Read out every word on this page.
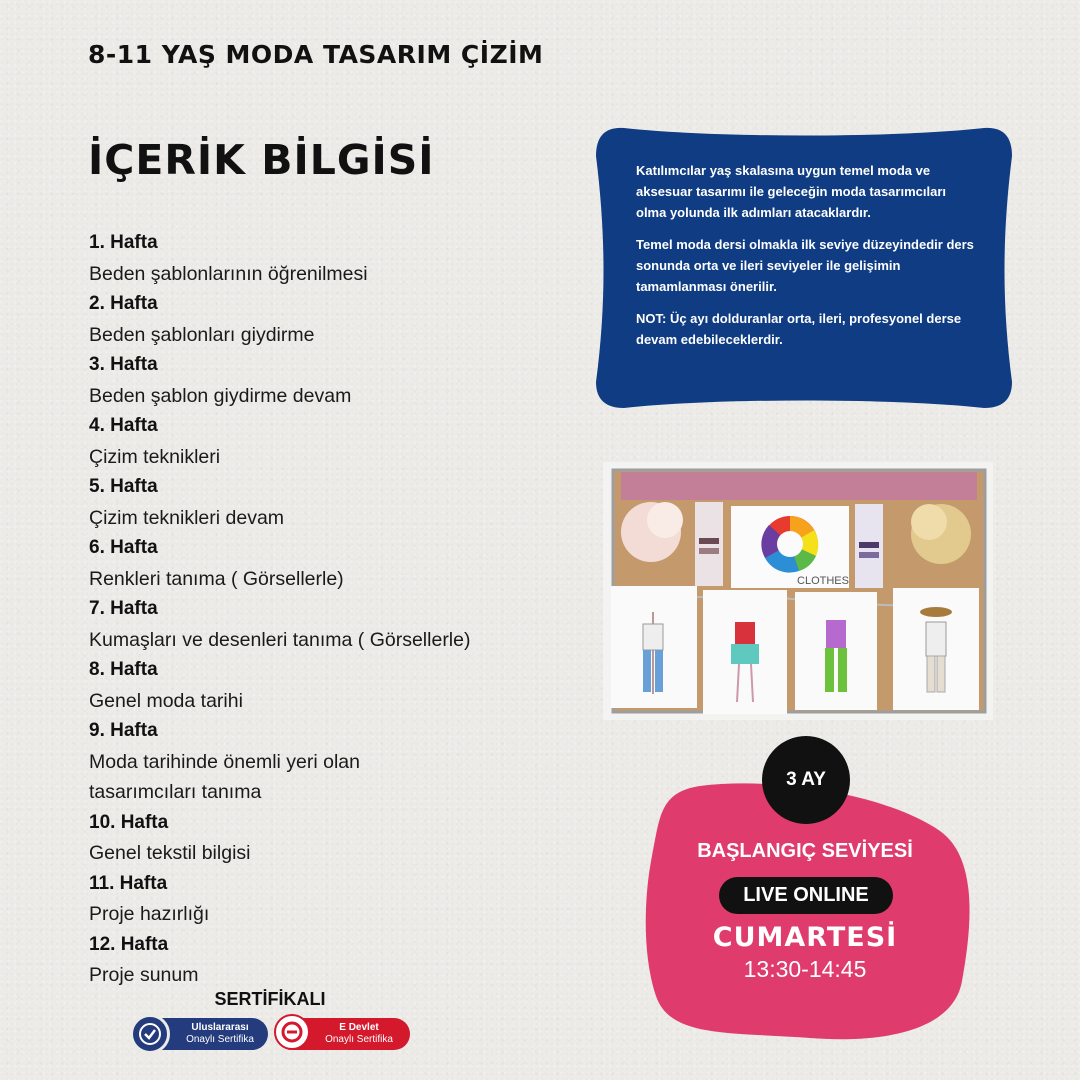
8-11 YAŞ MODA TASARIM ÇİZİM
İÇERİK BİLGİSİ
1. Hafta
Beden şablonlarının öğrenilmesi
2. Hafta
Beden şablonları giydirme
3. Hafta
Beden şablon giydirme devam
4. Hafta
Çizim teknikleri
5. Hafta
Çizim teknikleri devam
6. Hafta
Renkleri tanıma ( Görsellerle)
7. Hafta
Kumaşları ve desenleri tanıma ( Görsellerle)
8. Hafta
Genel moda tarihi
9. Hafta
Moda tarihinde önemli yeri olan
tasarımcıları tanıma
10. Hafta
Genel tekstil bilgisi
11. Hafta
Proje hazırlığı
12. Hafta
Proje sunum

Katılımcılar yaş skalasına uygun temel moda ve aksesuar tasarımı ile geleceğin moda tasarımcıları olma yolunda ilk adımları atacaklardır.

Temel moda dersi olmakla ilk seviye düzeyindedir ders sonunda orta ve ileri seviyeler ile gelişimin tamamlanması önerilir.

NOT: Üç ayı dolduranlar orta, ileri, profesyonel derse devam edebileceklerdir.

CLOTHES
3 AY
BAŞLANGIÇ SEVİYESİ
LIVE ONLINE
CUMARTESİ
13:30-14:45
SERTİFİKALI
Uluslararası
Onaylı Sertifika
E Devlet
Onaylı Sertifika
